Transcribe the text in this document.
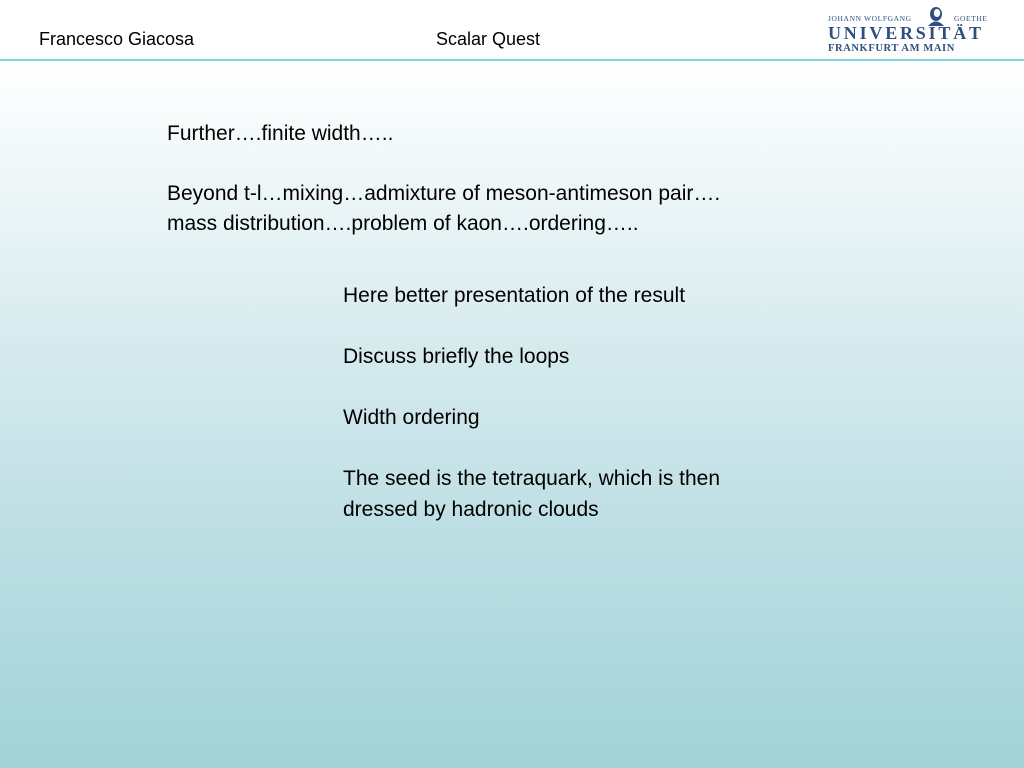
Francesco Giacosa	Scalar Quest
JOHANN WOLFGANG	GOETHE
UNIVERSITÄT
FRANKFURT AM MAIN

Further….finite width…..

Beyond t-l…mixing…admixture of meson-antimeson pair….

mass distribution….problem of kaon….ordering…..

Here better presentation of the result

Discuss briefly the loops

Width ordering

The seed is the tetraquark, which is then

dressed by hadronic clouds
